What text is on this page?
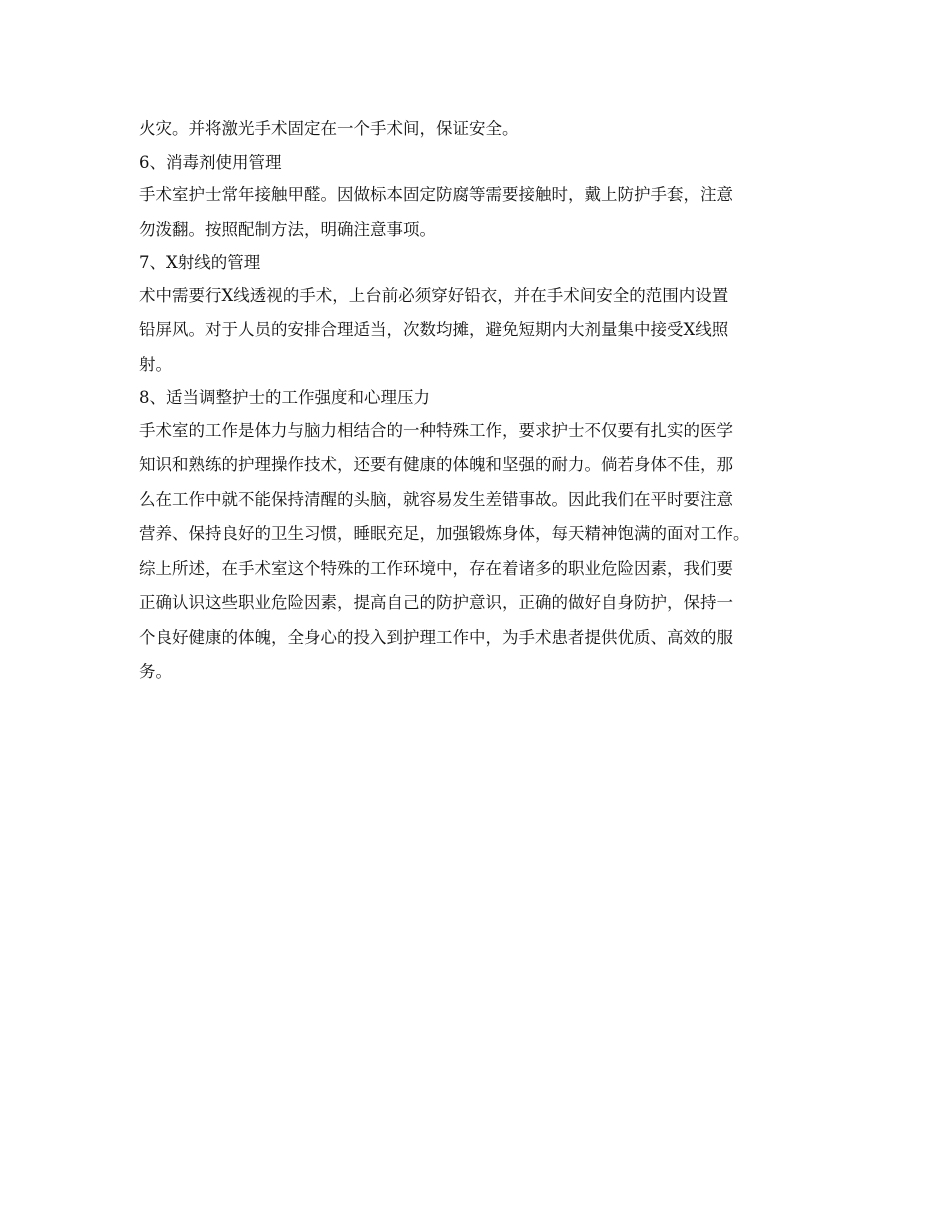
火灾。并将激光手术固定在一个手术间，保证安全。
6、消毒剂使用管理
手术室护士常年接触甲醛。因做标本固定防腐等需要接触时，戴上防护手套，注意
勿泼翻。按照配制方法，明确注意事项。
7、X射线的管理
术中需要行X线透视的手术，上台前必须穿好铅衣，并在手术间安全的范围内设置
铅屏风。对于人员的安排合理适当，次数均摊，避免短期内大剂量集中接受X线照
射。
8、适当调整护士的工作强度和心理压力
手术室的工作是体力与脑力相结合的一种特殊工作，要求护士不仅要有扎实的医学
知识和熟练的护理操作技术，还要有健康的体魄和坚强的耐力。倘若身体不佳，那
么在工作中就不能保持清醒的头脑，就容易发生差错事故。因此我们在平时要注意
营养、保持良好的卫生习惯，睡眠充足，加强锻炼身体，每天精神饱满的面对工作。
综上所述，在手术室这个特殊的工作环境中，存在着诸多的职业危险因素，我们要
正确认识这些职业危险因素，提高自己的防护意识，正确的做好自身防护，保持一
个良好健康的体魄，全身心的投入到护理工作中，为手术患者提供优质、高效的服
务。
